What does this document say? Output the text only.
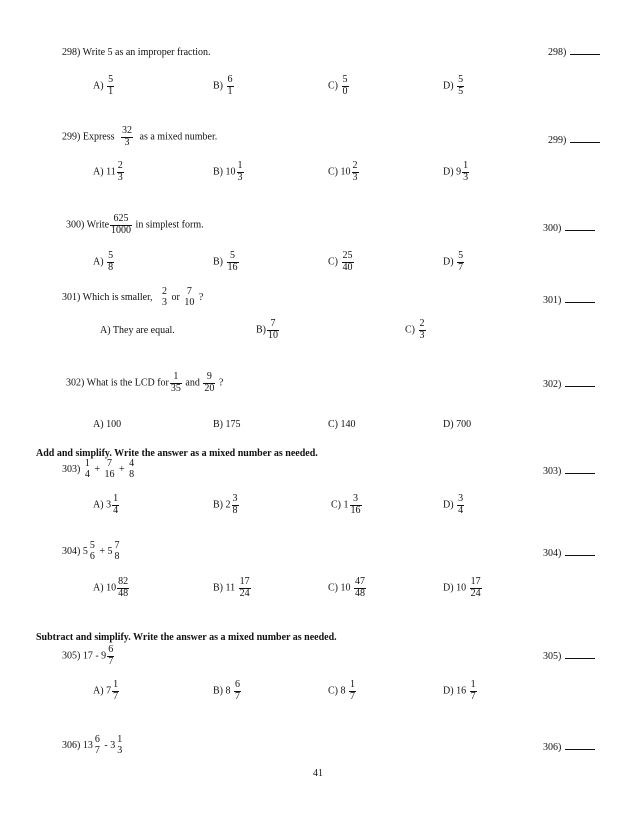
298) Write 5 as an improper fraction.	298)
$A) \frac{5}{1}$	$B) \frac{6}{1}$	$C) \frac{5}{0}$	$D) \frac{5}{5}$
299) Express $\frac{32}{3}$ as a mixed number.	299)
A) $11 \frac{2}{3}$	B) $10 \frac{1}{3}$	C) $10 \frac{2}{3}$	D) $9 \frac{1}{3}$
300) Write $\frac{625}{1000}$ in simplest form.	300)
$A) \frac{5}{8}$	$B) \frac{5}{16}$	$C) \frac{25}{40}$	$D) \frac{5}{7}$
301) Which is smaller,
2
3 or
7
10 ?	301)
A) They are equal.	$B) \frac{7}{10}$	$C) \frac{2}{3}$
302) What is the LCD for $\frac{1}{35}$ and $\frac{9}{20}$ ?	302)
A) 100	B) 175	C) 140	D) 700
Add and simplify. Write the answer as a mixed number as needed.
303)
1
4 +
7
16 +
4
8	303)
A) $3 \frac{1}{4}$	B) $2 \frac{3}{8}$	C) $1 \frac{3}{16}$	$D) \frac{3}{4}$
304) 5
5
6 + 5
7
8	304)
A) $10 \frac{82}{48}$	B) $11 \frac{17}{24}$	C) $10 \frac{47}{48}$	D) $10 \frac{17}{24}$
Subtract and simplify. Write the answer as a mixed number as needed.
305) $17 - 9 \frac{6}{7}$	305)
A) $7 \frac{1}{7}$	B) $8 \frac{6}{7}$	C) $8 \frac{1}{7}$	D) $16 \frac{1}{7}$
306) 13
6
7 - 3
1
3	306)
41
